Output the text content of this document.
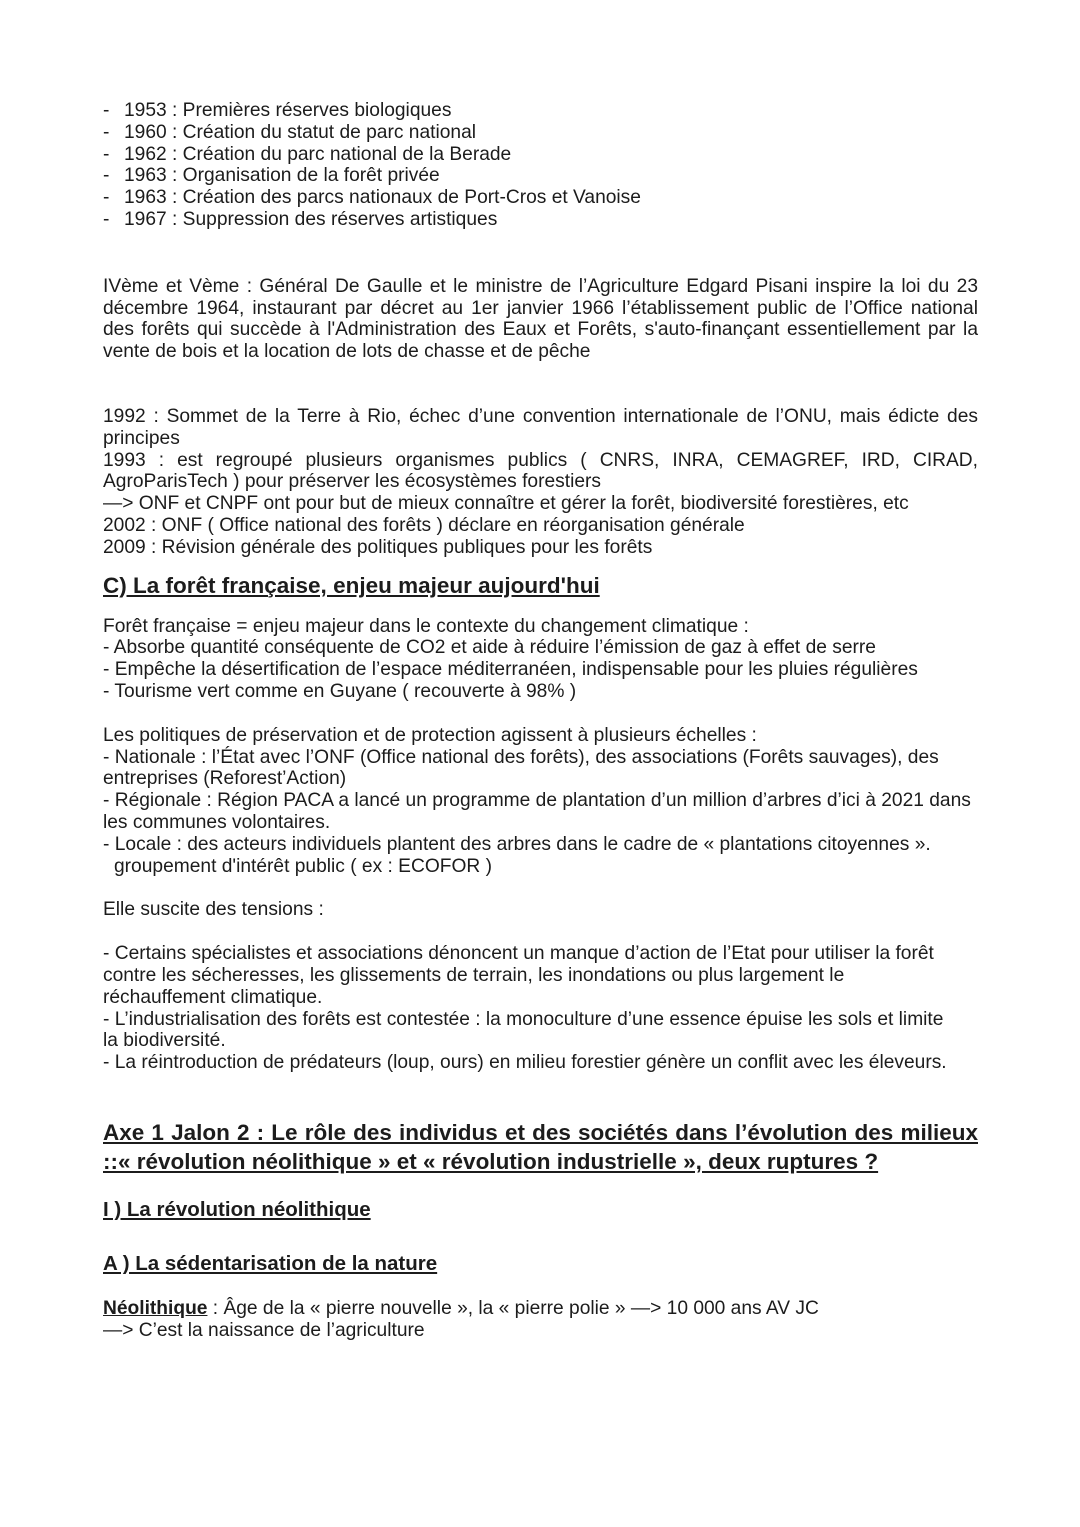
- 1953 : Premières réserves biologiques
- 1960 : Création du statut de parc national
- 1962 : Création du parc national de la Berade
- 1963 : Organisation de la forêt privée
- 1963 : Création des parcs nationaux de Port-Cros et Vanoise
- 1967 : Suppression des réserves artistiques

IVème et Vème : Général De Gaulle et le ministre de l’Agriculture Edgard Pisani inspire la loi du 23 décembre 1964, instaurant par décret au 1er janvier 1966 l’établissement public de l’Office national des forêts qui succède à l'Administration des Eaux et Forêts, s'auto-finançant essentiellement par la vente de bois et la location de lots de chasse et de pêche

1992 : Sommet de la Terre à Rio, échec d’une convention internationale de l’ONU, mais édicte des principes

1993 : est regroupé plusieurs organismes publics ( CNRS, INRA, CEMAGREF, IRD, CIRAD, AgroParisTech ) pour préserver les écosystèmes forestiers

—> ONF et CNPF ont pour but de mieux connaître et gérer la forêt, biodiversité forestières, etc

2002 : ONF ( Office national des forêts ) déclare en réorganisation générale

2009 : Révision générale des politiques publiques pour les forêts

C) La forêt française, enjeu majeur aujourd'hui

Forêt française = enjeu majeur dans le contexte du changement climatique :

- Absorbe quantité conséquente de CO2 et aide à réduire l’émission de gaz à effet de serre

- Empêche la désertification de l’espace méditerranéen, indispensable pour les pluies régulières

- Tourisme vert comme en Guyane ( recouverte à 98% )

Les politiques de préservation et de protection agissent à plusieurs échelles :

- Nationale : l’État avec l’ONF (Office national des forêts), des associations (Forêts sauvages), des entreprises (Reforest’Action)

- Régionale : Région PACA a lancé un programme de plantation d’un million d’arbres d’ici à 2021 dans les communes volontaires.

- Locale : des acteurs individuels plantent des arbres dans le cadre de « plantations citoyennes ».

groupement d'intérêt public ( ex : ECOFOR )

Elle suscite des tensions :

- Certains spécialistes et associations dénoncent un manque d’action de l’Etat pour utiliser la forêt contre les sécheresses, les glissements de terrain, les inondations ou plus largement le réchauffement climatique.

- L’industrialisation des forêts est contestée : la monoculture d’une essence épuise les sols et limite la biodiversité.

- La réintroduction de prédateurs (loup, ours) en milieu forestier génère un conflit avec les éleveurs.

Axe 1 Jalon 2 : Le rôle des individus et des sociétés dans l’évolution des milieux ::« révolution néolithique » et « révolution industrielle », deux ruptures ?

I ) La révolution néolithique

A ) La sédentarisation de la nature

Néolithique : Âge de la « pierre nouvelle », la « pierre polie » —> 10 000 ans AV JC

—> C’est la naissance de l’agriculture
